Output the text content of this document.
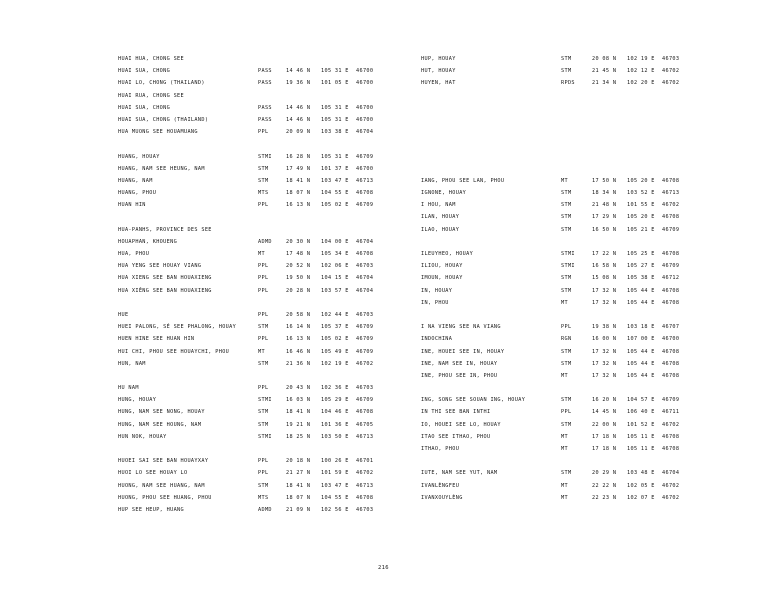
HUAI HUA, CHONG SEE
HUAI SUA, CHONG	PASS	14 46 N 105 31 E 46700
HUAI LO, CHONG (THAILAND)	PASS	19 36 N 101 05 E 46700
HUAI RUA, CHONG SEE
HUAI SUA, CHONG	PASS	14 46 N 105 31 E 46700
HUAI SUA, CHONG (THAILAND)	PASS	14 46 N 105 31 E 46700
HUA MUONG SEE HOUAMUANG	PPL	20 09 N 103 38 E 46704
HUANG, HOUAY	STMI	16 28 N 105 31 E 46709
HUANG, NAM SEE HEUNG, NAM	STM	17 49 N 101 37 E 46700
HUANG, NAM	STM	18 41 N 103 47 E 46713
HUANG, PHOU	MTS	18 07 N 104 55 E 46708
HUAN HIN	PPL	16 13 N 105 02 E 46709
HUA-PANHS, PROVINCE DES SEE
HOUAPHAN, KHOUENG	ADMD	20 30 N 104 00 E 46704
HUA, PHOU	MT	17 48 N 105 34 E 46708
HUA YENG SEE HOUAY VIANG	PPL	20 52 N 102 06 E 46703
HUA XIENG SEE BAN HOUAXIENG	PPL	19 50 N 104 15 E 46704
HUA XIÊNG SEE BAN HOUAXIENG	PPL	20 28 N 103 57 E 46704
HUE	PPL	20 58 N 102 44 E 46703
HUEI PALONG, SÉ SEE PHALONG, HOUAY	STM	16 14 N 105 37 E 46709
HUEN HINE SEE HUAN HIN	PPL	16 13 N 105 02 E 46709
HUI CHI, PHOU SEE HOUAYCHI, PHOU	MT	16 46 N 105 49 E 46709
HUN, NAM	STM	21 36 N 102 19 E 46702
HU NAM	PPL	20 43 N 102 36 E 46703
HUNG, HOUAY	STMI	16 03 N 105 29 E 46709
HUNG, NAM SEE NONG, HOUAY	STM	18 41 N 104 46 E 46708
HUNG, NAM SEE HOUNG, NAM	STM	19 21 N 101 36 E 46705
HUN NOK, HOUAY	STMI	18 25 N 103 50 E 46713
HUOEI SAI SEE BAN HOUAYXAY	PPL	20 18 N 100 26 E 46701
HUOI LO SEE HOUAY LO	PPL	21 27 N 101 59 E 46702
HUONG, NAM SEE HUANG, NAM	STM	18 41 N 103 47 E 46713
HUONG, PHOU SEE HUANG, PHOU	MTS	18 07 N 104 55 E 46708
HUP SEE HEUP, HUANG	ADMD	21 09 N 102 56 E 46703
HUP, HOUAY	STM	20 08 N 102 19 E 46703
HUT, HOUAY	STM	21 45 N 102 12 E 46702
HUYEN, HAT	RPDS	21 34 N 102 20 E 46702
IANG, PHOU SEE LAN, PHOU	MT	17 50 N 105 20 E 46708
IGNONE, HOUAY	STM	18 34 N 103 52 E 46713
I HOU, NAM	STM	21 48 N 101 55 E 46702
ILAN, HOUAY	STM	17 29 N 105 20 E 46708
ILAO, HOUAY	STM	16 50 N 105 21 E 46709
ILEUYHEO, HOUAY	STMI	17 22 N 105 25 E 46708
ILIOU, HOUAY	STMI	16 58 N 105 27 E 46709
IMOUN, HOUAY	STM	15 08 N 105 38 E 46712
IN, HOUAY	STM	17 32 N 105 44 E 46708
IN, PHOU	MT	17 32 N 105 44 E 46708
I NA VIENG SEE NA VIANG	PPL	19 38 N 103 18 E 46707
INDOCHINA	RGN	16 00 N 107 00 E 46700
INE, HOUEI SEE IN, HOUAY	STM	17 32 N 105 44 E 46708
INE, NAM SEE IN, HOUAY	STM	17 32 N 105 44 E 46708
INE, PHOU SEE IN, PHOU	MT	17 32 N 105 44 E 46708
ING, SONG SEE SOUAN ING, HOUAY	STM	16 20 N 104 57 E 46709
IN THI SEE BAN INTHI	PPL	14 45 N 106 40 E 46711
IO, HOUEI SEE LO, HOUAY	STM	22 00 N 101 52 E 46702
ITAO SEE ITHAO, PHOU	MT	17 18 N 105 11 E 46708
ITHAO, PHOU	MT	17 18 N 105 11 E 46708
IUTE, NAM SEE YUT, NAM	STM	20 29 N 103 48 E 46704
IVANLÈNGFEU	MT	22 22 N 102 05 E 46702
IVANXOUYLÈNG	MT	22 23 N 102 07 E 46702
216
